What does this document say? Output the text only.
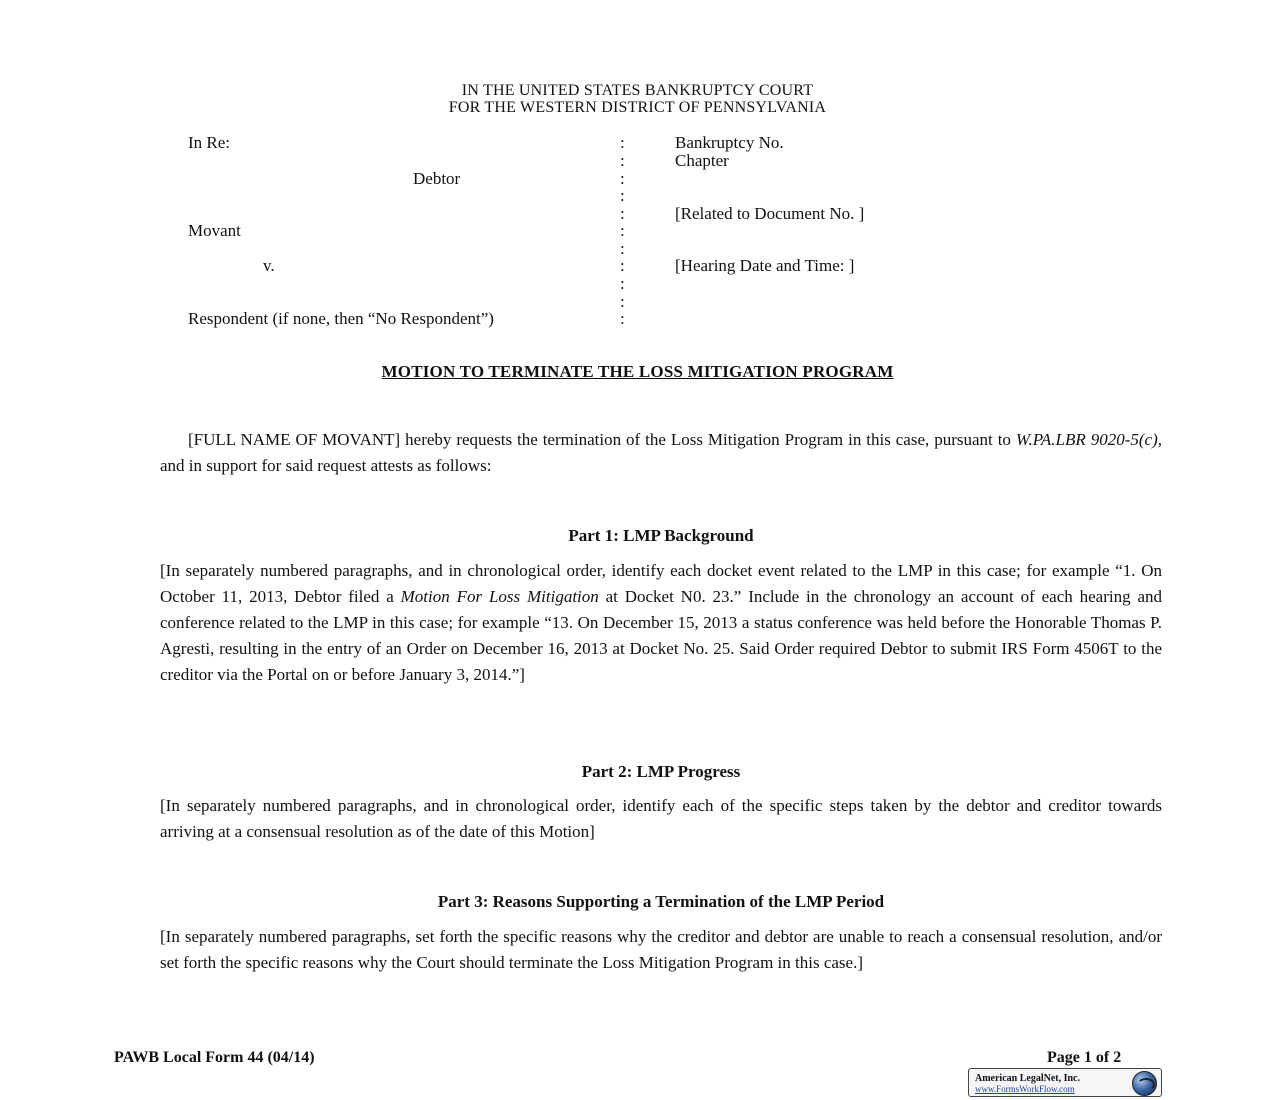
IN THE UNITED STATES BANKRUPTCY COURT
FOR THE WESTERN DISTRICT OF PENNSYLVANIA
In Re:
Debtor
Movant
v.
Respondent (if none, then “No Respondent”)
:
:
:
:
:
:
:
:
:
:
:
Bankruptcy No.
Chapter
[Related to Document No. ]
[Hearing Date and Time: ]
MOTION TO TERMINATE THE LOSS MITIGATION PROGRAM
[FULL NAME OF MOVANT] hereby requests the termination of the Loss Mitigation Program in this case, pursuant to W.PA.LBR 9020-5(c), and in support for said request attests as follows:
Part 1: LMP Background
[In separately numbered paragraphs, and in chronological order, identify each docket event related to the LMP in this case; for example “1. On October 11, 2013, Debtor filed a Motion For Loss Mitigation at Docket N0. 23.” Include in the chronology an account of each hearing and conference related to the LMP in this case; for example “13. On December 15, 2013 a status conference was held before the Honorable Thomas P. Agresti, resulting in the entry of an Order on December 16, 2013 at Docket No. 25. Said Order required Debtor to submit IRS Form 4506T to the creditor via the Portal on or before January 3, 2014.”]
Part 2: LMP Progress
[In separately numbered paragraphs, and in chronological order, identify each of the specific steps taken by the debtor and creditor towards arriving at a consensual resolution as of the date of this Motion]
Part 3: Reasons Supporting a Termination of the LMP Period
[In separately numbered paragraphs, set forth the specific reasons why the creditor and debtor are unable to reach a consensual resolution, and/or set forth the specific reasons why the Court should terminate the Loss Mitigation Program in this case.]
PAWB Local Form 44 (04/14)	Page 1 of 2
American LegalNet, Inc.
www.FormsWorkFlow.com
